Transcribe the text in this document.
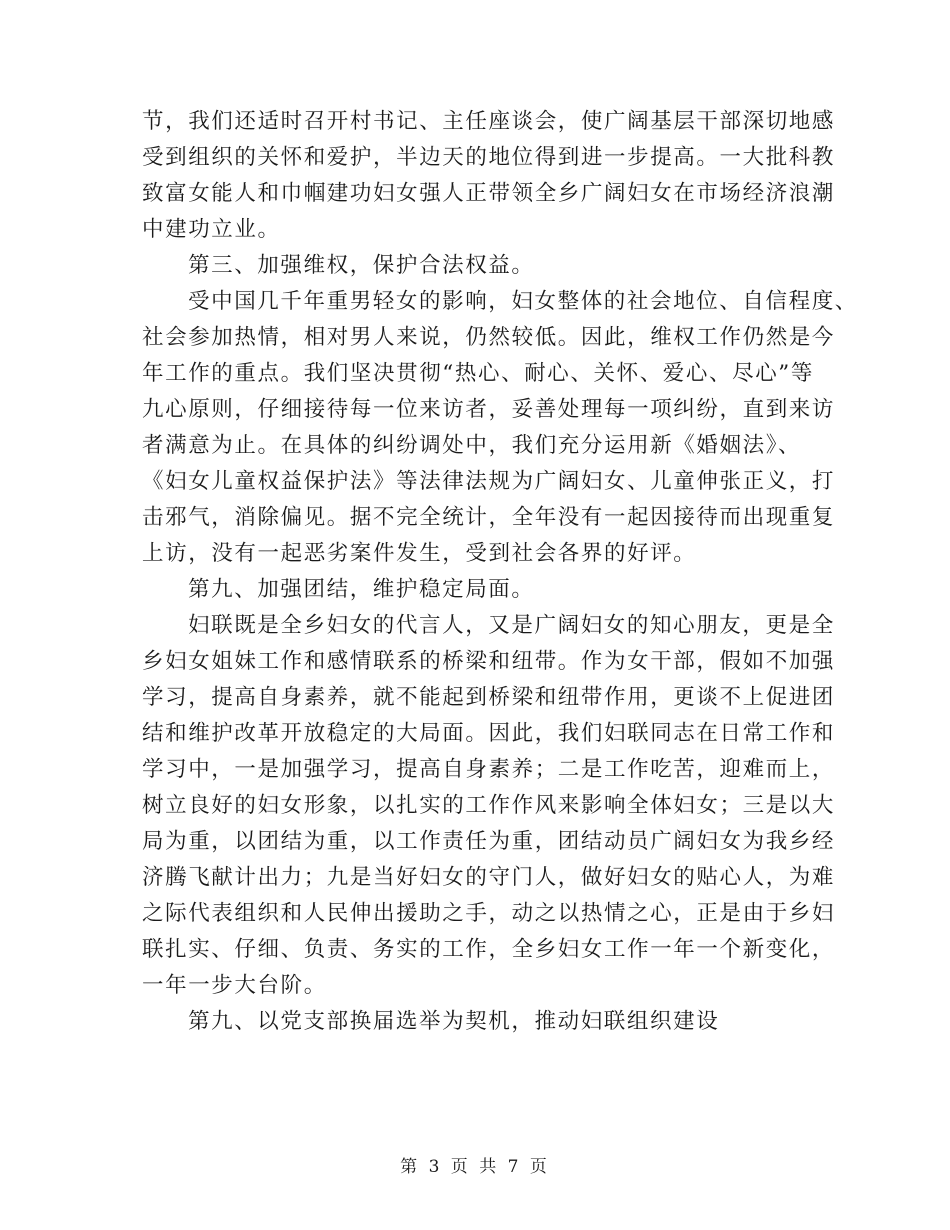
节，我们还适时召开村书记、主任座谈会，使广阔基层干部深切地感
受到组织的关怀和爱护，半边天的地位得到进一步提高。一大批科教
致富女能人和巾帼建功妇女强人正带领全乡广阔妇女在市场经济浪潮
中建功立业。
第三、加强维权，保护合法权益。
受中国几千年重男轻女的影响，妇女整体的社会地位、自信程度、
社会参加热情，相对男人来说，仍然较低。因此，维权工作仍然是今
年工作的重点。我们坚决贯彻“热心、耐心、关怀、爱心、尽心”等
九心原则，仔细接待每一位来访者，妥善处理每一项纠纷，直到来访
者满意为止。在具体的纠纷调处中，我们充分运用新《婚姻法》、
《妇女儿童权益保护法》等法律法规为广阔妇女、儿童伸张正义，打
击邪气，消除偏见。据不完全统计，全年没有一起因接待而出现重复
上访，没有一起恶劣案件发生，受到社会各界的好评。
第九、加强团结，维护稳定局面。
妇联既是全乡妇女的代言人，又是广阔妇女的知心朋友，更是全
乡妇女姐妹工作和感情联系的桥梁和纽带。作为女干部，假如不加强
学习，提高自身素养，就不能起到桥梁和纽带作用，更谈不上促进团
结和维护改革开放稳定的大局面。因此，我们妇联同志在日常工作和
学习中，一是加强学习，提高自身素养；二是工作吃苦，迎难而上，
树立良好的妇女形象，以扎实的工作作风来影响全体妇女；三是以大
局为重，以团结为重，以工作责任为重，团结动员广阔妇女为我乡经
济腾飞献计出力；九是当好妇女的守门人，做好妇女的贴心人，为难
之际代表组织和人民伸出援助之手，动之以热情之心，正是由于乡妇
联扎实、仔细、负责、务实的工作，全乡妇女工作一年一个新变化，
一年一步大台阶。
第九、以党支部换届选举为契机，推动妇联组织建设
第 3 页 共 7 页
